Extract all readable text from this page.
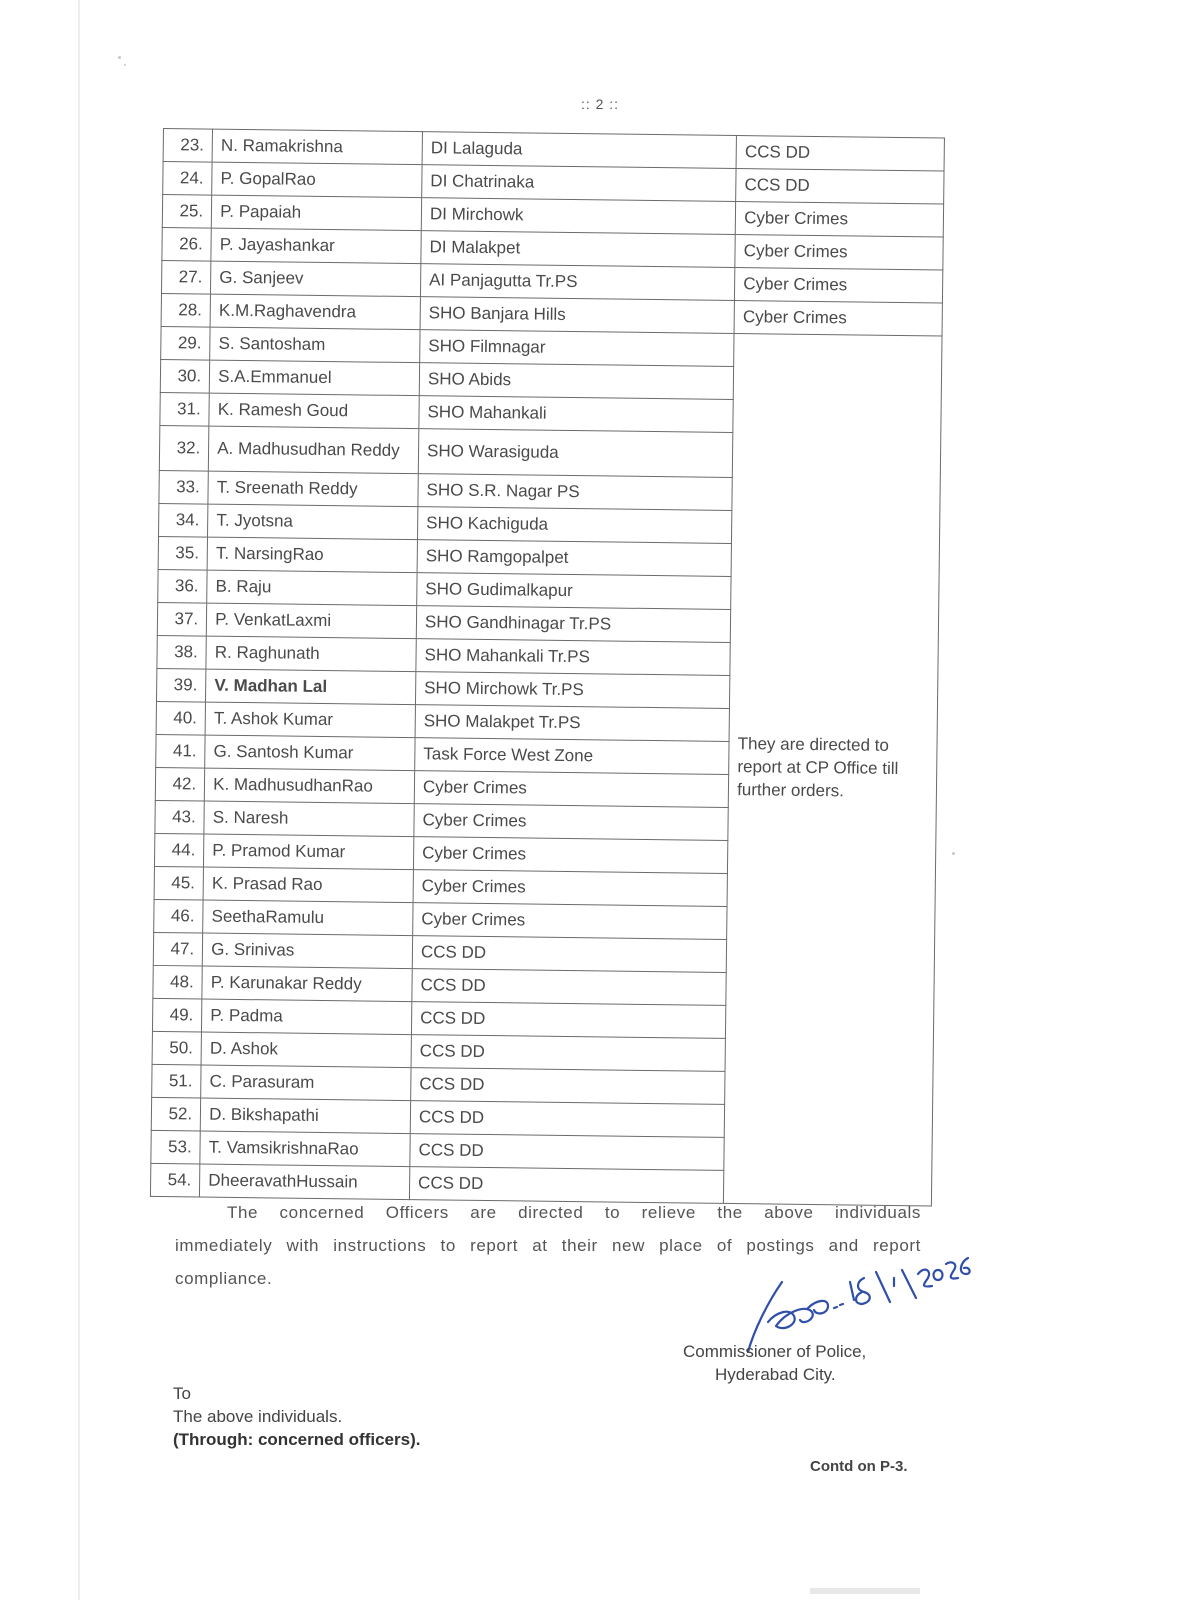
:: 2 ::
23.	N. Ramakrishna	DI Lalaguda	CCS DD
24.	P. GopalRao	DI Chatrinaka	CCS DD
25.	P. Papaiah	DI Mirchowk	Cyber Crimes
26.	P. Jayashankar	DI Malakpet	Cyber Crimes
27.	G. Sanjeev	AI Panjagutta Tr.PS	Cyber Crimes
28.	K.M.Raghavendra	SHO Banjara Hills	Cyber Crimes
29.	S. Santosham	SHO Filmnagar	They are directed to report at CP Office till further orders.

30.	S.A.Emmanuel	SHO Abids	
31.	K. Ramesh Goud	SHO Mahankali	
32.	A. Madhusudhan Reddy	SHO Warasiguda	
33.	T. Sreenath Reddy	SHO S.R. Nagar PS	
34.	T. Jyotsna	SHO Kachiguda	
35.	T. NarsingRao	SHO Ramgopalpet	
36.	B. Raju	SHO Gudimalkapur	
37.	P. VenkatLaxmi	SHO Gandhinagar Tr.PS	
38.	R. Raghunath	SHO Mahankali Tr.PS	
39.	V. Madhan Lal	SHO Mirchowk Tr.PS	
40.	T. Ashok Kumar	SHO Malakpet Tr.PS	
41.	G. Santosh Kumar	Task Force West Zone	
42.	K. MadhusudhanRao	Cyber Crimes	
43.	S. Naresh	Cyber Crimes	
44.	P. Pramod Kumar	Cyber Crimes	
45.	K. Prasad Rao	Cyber Crimes	
46.	SeethaRamulu	Cyber Crimes	
47.	G. Srinivas	CCS DD	
48.	P. Karunakar Reddy	CCS DD	
49.	P. Padma	CCS DD	
50.	D. Ashok	CCS DD	
51.	C. Parasuram	CCS DD	
52.	D. Bikshapathi	CCS DD	
53.	T. VamsikrishnaRao	CCS DD	
54.	DheeravathHussain	CCS DD	
The concerned Officers are directed to relieve the above individuals immediately with instructions to report at their new place of postings and report compliance.
18/1/2026
Commissioner of Police,
Hyderabad City.
To
The above individuals.
(Through: concerned officers).
Contd on P-3.
